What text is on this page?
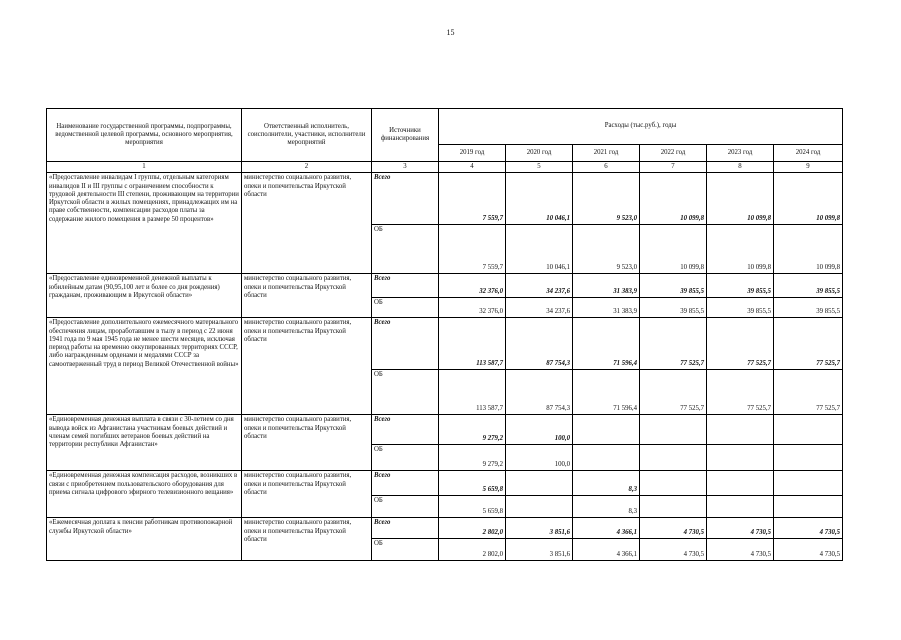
15
Наименование государственной программы, подпрограммы, ведомственной целевой программы, основного мероприятия, мероприятия	Ответственный исполнитель, соисполнители, участники, исполнители мероприятий	Источники финансирования	Расходы (тыс.руб.), годы					
			2019 год	2020 год	2021 год	2022 год	2023 год	2024 год
1	2	3	4	5	6	7	8	9
«Предоставление инвалидам I группы, отдельным категориям инвалидов II и III группы с ограничением способности к трудовой деятельности III степени, проживающим на территории Иркутской области в жилых помещениях, принадлежащих им на праве собственности, компенсации расходов платы за содержание жилого помещения в размере 50 процентов»	министерство социального развития, опеки и попечительства Иркутской области	Всего	7 559,7	10 046,1	9 523,0	10 099,8	10 099,8	10 099,8
		ОБ	7 559,7	10 046,1	9 523,0	10 099,8	10 099,8	10 099,8
«Предоставление единовременной денежной выплаты к юбилейным датам (90,95,100 лет и более со дня рождения) гражданам, проживающим в Иркутской области»	министерство социального развития, опеки и попечительства Иркутской области	Всего	32 376,0	34 237,6	31 383,9	39 855,5	39 855,5	39 855,5
		ОБ	32 376,0	34 237,6	31 383,9	39 855,5	39 855,5	39 855,5
«Предоставление дополнительного ежемесячного материального обеспечения лицам, проработавшим в тылу в период с 22 июня 1941 года по 9 мая 1945 года не менее шести месяцев, исключая период работы на временно оккупированных территориях СССР, либо награжденным орденами и медалями СССР за самоотверженный труд в период Великой Отечественной войны»	министерство социального развития, опеки и попечительства Иркутской области	Всего	113 587,7	87 754,3	71 596,4	77 525,7	77 525,7	77 525,7
		ОБ	113 587,7	87 754,3	71 596,4	77 525,7	77 525,7	77 525,7
«Единовременная денежная выплата в связи с 30-летием со дня вывода войск из Афганистана участникам боевых действий и членам семей погибших ветеранов боевых действий на территории республики Афганистан»	министерство социального развития, опеки и попечительства Иркутской области	Всего	9 279,2	100,0				
		ОБ	9 279,2	100,0				
«Единовременная денежная компенсация расходов, возникших в связи с приобретением пользовательского оборудования для приема сигнала цифрового эфирного телевизионного вещания»	министерство социального развития, опеки и попечительства Иркутской области	Всего	5 659,8		8,3			
		ОБ	5 659,8		8,3			
«Ежемесячная доплата к пенсии работникам противопожарной службы Иркутской области»	министерство социального развития, опеки и попечительства Иркутской области	Всего	2 802,0	3 851,6	4 366,1	4 730,5	4 730,5	4 730,5
		ОБ	2 802,0	3 851,6	4 366,1	4 730,5	4 730,5	4 730,5
